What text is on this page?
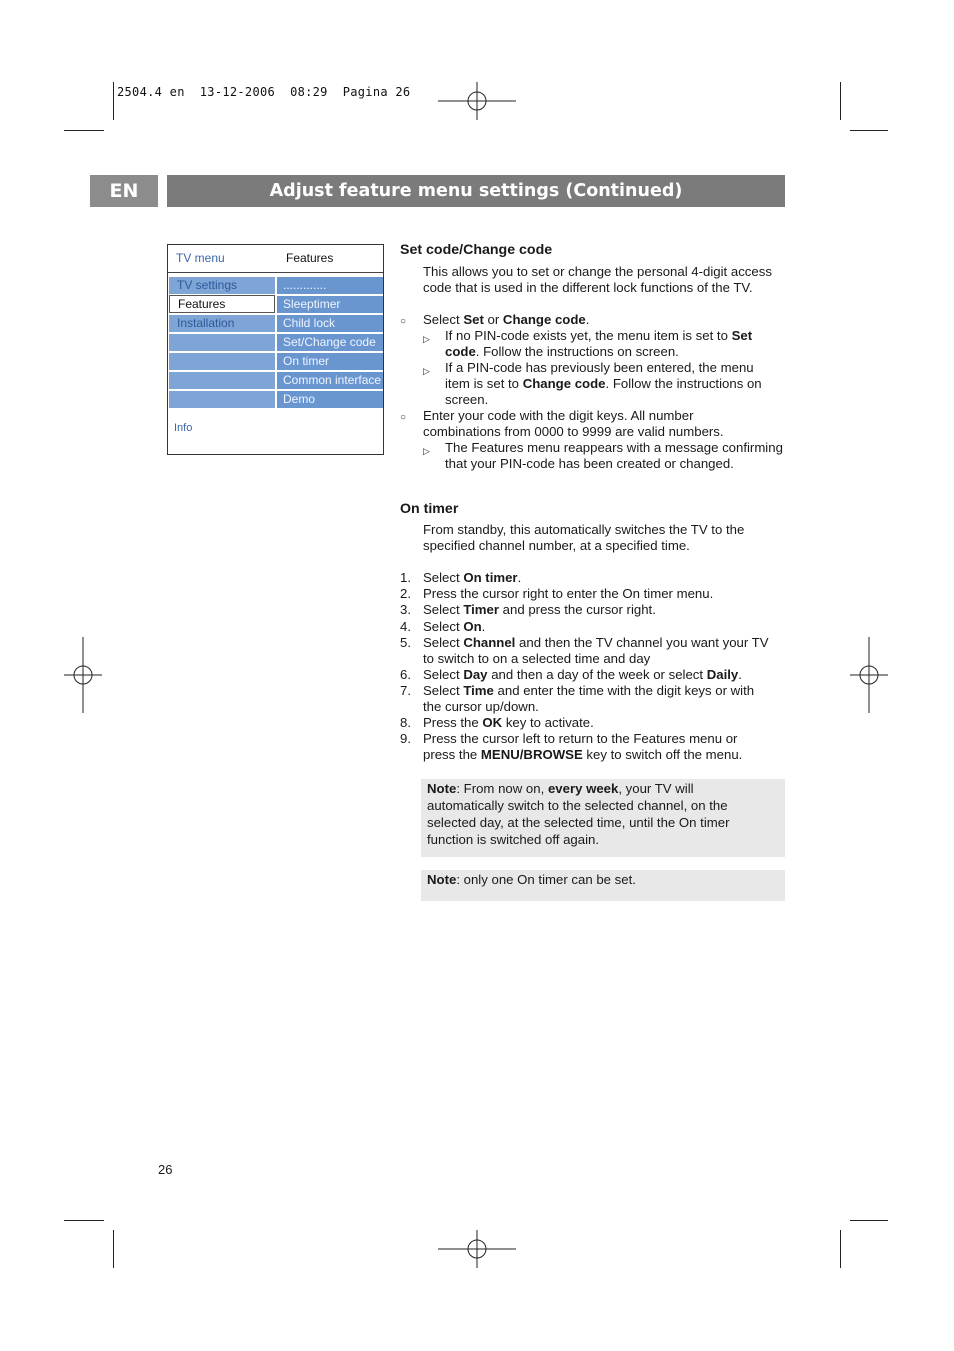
2504.4 en  13-12-2006  08:29  Pagina 26
EN	Adjust feature menu settings (Continued)
TV menu	Features
TV settings
Features
Installation
.............
Sleeptimer
Child lock
Set/Change code
On timer
Common interface
Demo
Info
Set code/Change code
This allows you to set or change the personal 4-digit access
code that is used in the different lock functions of the TV.
○ Select Set or Change code.
▷ If no PIN-code exists yet, the menu item is set to Set
code. Follow the instructions on screen.
▷ If a PIN-code has previously been entered, the menu
item is set to Change code. Follow the instructions on
screen.
○ Enter your code with the digit keys. All number
combinations from 0000 to 9999 are valid numbers.
▷ The Features menu reappears with a message confirming
that your PIN-code has been created or changed.
On timer
From standby, this automatically switches the TV to the
specified channel number, at a specified time.
1. Select On timer.
2. Press the cursor right to enter the On timer menu.
3. Select Timer and press the cursor right.
4. Select On.
5. Select Channel and then the TV channel you want your TV
to switch to on a selected time and day
6. Select Day and then a day of the week or select Daily.
7. Select Time and enter the time with the digit keys or with
the cursor up/down.
8. Press the OK key to activate.
9. Press the cursor left to return to the Features menu or
press the MENU/BROWSE key to switch off the menu.
Note: From now on, every week, your TV will
automatically switch to the selected channel, on the
selected day, at the selected time, until the On timer
function is switched off again.
Note: only one On timer can be set.
26
